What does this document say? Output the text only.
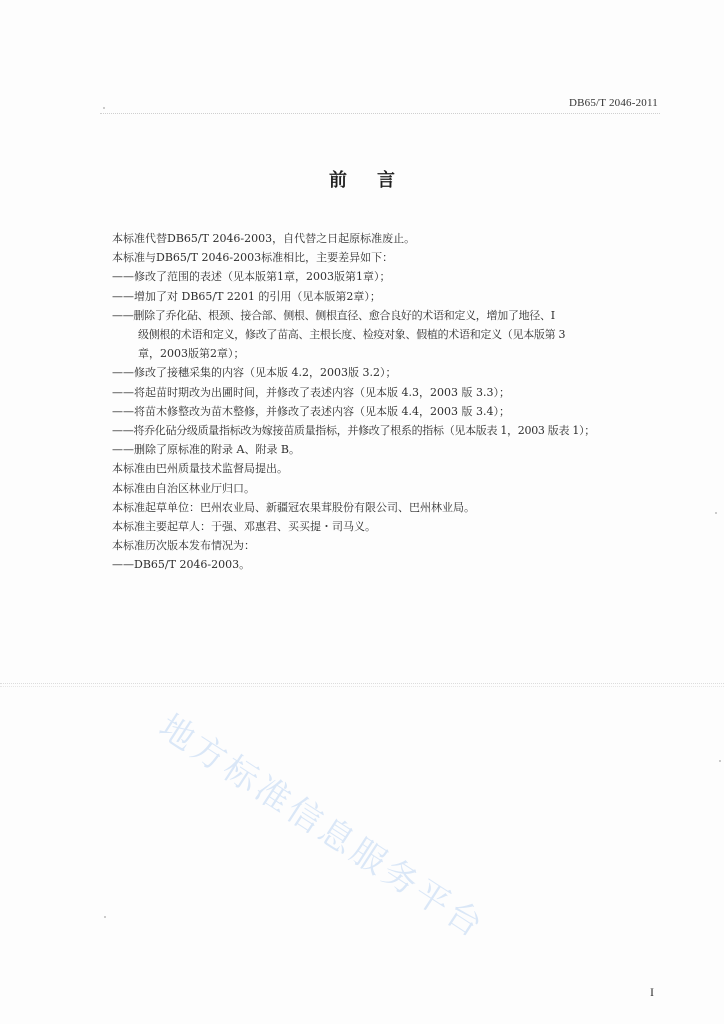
DB65/T 2046-2011
前言
本标准代替DB65/T 2046-2003，自代替之日起原标准废止。
本标准与DB65/T 2046-2003标准相比，主要差异如下：
——修改了范围的表述（见本版第1章，2003版第1章）；
——增加了对 DB65/T 2201 的引用（见本版第2章）；
——删除了乔化砧、根颈、接合部、侧根、侧根直径、愈合良好的术语和定义，增加了地径、Ⅰ
级侧根的术语和定义，修改了苗高、主根长度、检疫对象、假植的术语和定义（见本版第 3
章，2003版第2章）；
——修改了接穗采集的内容（见本版 4.2，2003版 3.2）；
——将起苗时期改为出圃时间，并修改了表述内容（见本版 4.3，2003 版 3.3）；
——将苗木修整改为苗木整修，并修改了表述内容（见本版 4.4，2003 版 3.4）；
——将乔化砧分级质量指标改为嫁接苗质量指标，并修改了根系的指标（见本版表 1，2003 版表 1）；
——删除了原标准的附录 A、附录 B。
本标准由巴州质量技术监督局提出。
本标准由自治区林业厅归口。
本标准起草单位：巴州农业局、新疆冠农果茸股份有限公司、巴州林业局。
本标准主要起草人：于强、邓惠君、买买提・司马义。
本标准历次版本发布情况为：
——DB65/T 2046-2003。
地方标准信息服务平台
I
